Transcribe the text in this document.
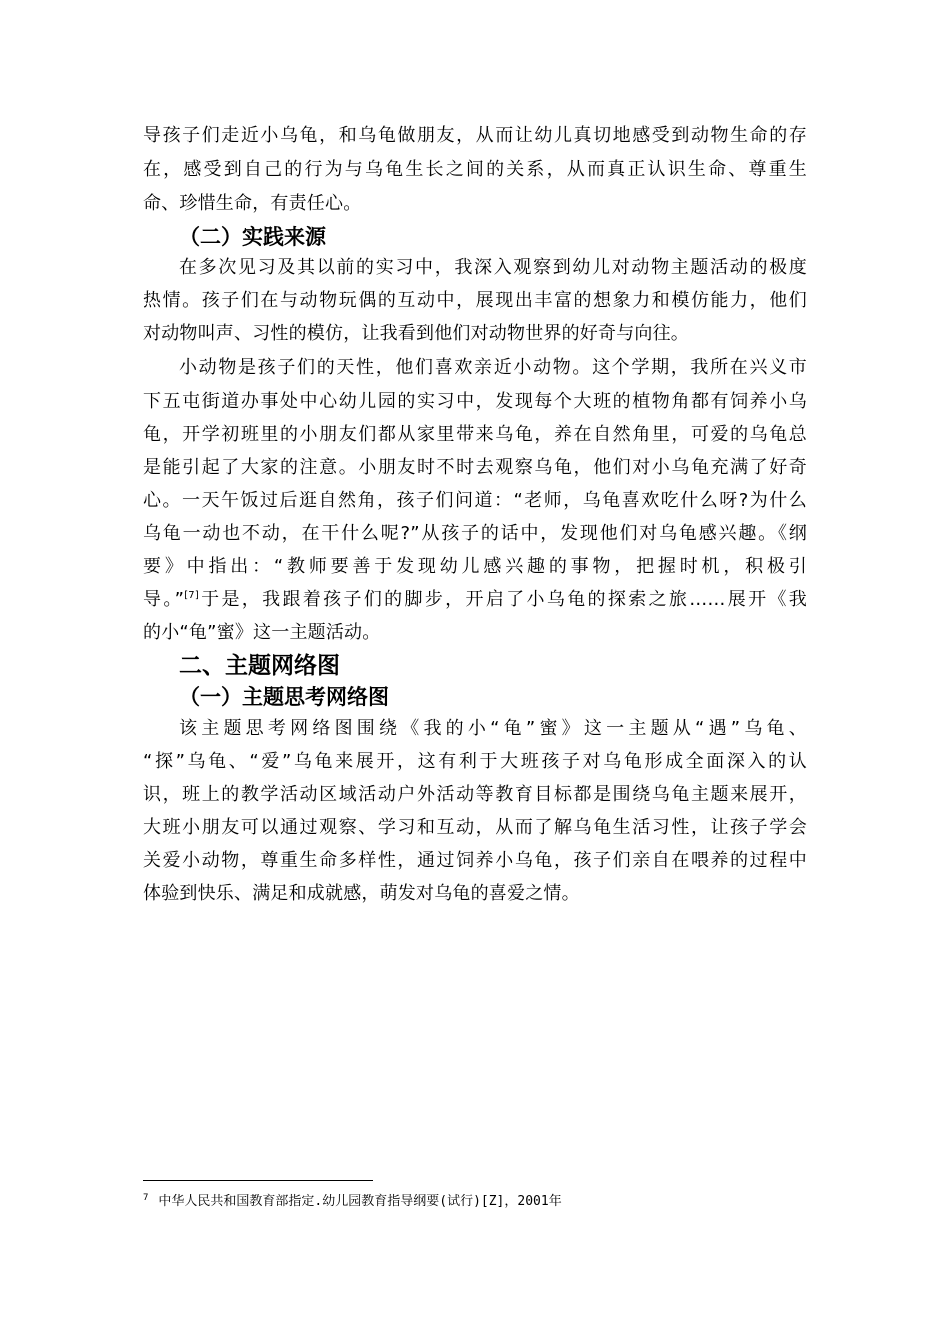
导孩子们走近小乌龟，和乌龟做朋友，从而让幼儿真切地感受到动物生命的存
在，感受到自己的行为与乌龟生长之间的关系，从而真正认识生命、尊重生
命、珍惜生命，有责任心。
（二）实践来源
在多次见习及其以前的实习中，我深入观察到幼儿对动物主题活动的极度
热情。孩子们在与动物玩偶的互动中，展现出丰富的想象力和模仿能力，他们
对动物叫声、习性的模仿，让我看到他们对动物世界的好奇与向往。
小动物是孩子们的天性，他们喜欢亲近小动物。这个学期，我所在兴义市
下五屯街道办事处中心幼儿园的实习中，发现每个大班的植物角都有饲养小乌
龟，开学初班里的小朋友们都从家里带来乌龟，养在自然角里，可爱的乌龟总
是能引起了大家的注意。小朋友时不时去观察乌龟，他们对小乌龟充满了好奇
心。一天午饭过后逛自然角，孩子们问道：“老师，乌龟喜欢吃什么呀?为什么
乌龟一动也不动，在干什么呢?”从孩子的话中，发现他们对乌龟感兴趣。《纲
要》中指出：“教师要善于发现幼儿感兴趣的事物，把握时机，积极引
导。”[7]于是，我跟着孩子们的脚步，开启了小乌龟的探索之旅……展开《我
的小“龟”蜜》这一主题活动。
二、主题网络图
（一）主题思考网络图
该主题思考网络图围绕《我的小“龟”蜜》这一主题从“遇”乌龟、
“探”乌龟、“爱”乌龟来展开，这有利于大班孩子对乌龟形成全面深入的认
识，班上的教学活动区域活动户外活动等教育目标都是围绕乌龟主题来展开，
大班小朋友可以通过观察、学习和互动，从而了解乌龟生活习性，让孩子学会
关爱小动物，尊重生命多样性，通过饲养小乌龟，孩子们亲自在喂养的过程中
体验到快乐、满足和成就感，萌发对乌龟的喜爱之情。
$^7$ 中华人民共和国教育部指定.幼儿园教育指导纲要(试行)[Z]，2001年
